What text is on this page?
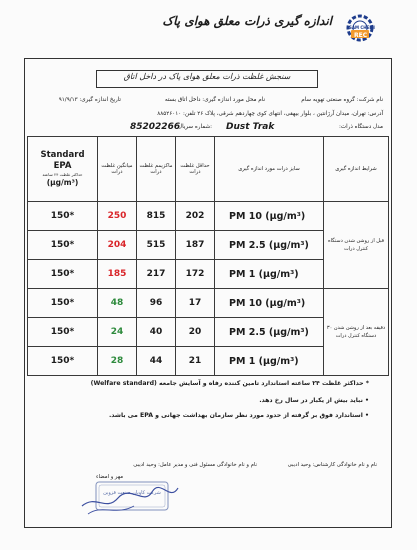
REC
SAM CHEMI
اندازه گیری ذرات معلق هوای پاک
سنجش غلظت ذرات معلق هوای پاک در داخل اتاق
نام شرکت: گروه صنعتی تهویه سام
نام محل مورد اندازه گیری: داخل اتاق بسته
تاریخ اندازه گیری: ۹۱/۹/۱۳
آدرس: تهران، میدان آرژانتین ، بلوار بیهقی، انتهای کوی چهاردهم شرقی، پلاک ۲۶ تلفن: ۸۸۵۲۶۰۱۰
مدل دستگاه ذرات:
Dust Trak
شماره سریال:
85202266
Standard
EPA
حداکثر غلظت ۲۴ ساعته
(μg/m³)	میانگین غلظت ذرات	ماکزیمم غلظت ذرات	حداقل غلظت ذرات	سایز ذرات مورد اندازه گیری	شرایط اندازه گیری
150*	250	815	202	PM 10 (μg/m³)	قبل از روشن شدن دستگاه کنترل ذرات
150*	204	515	187	PM 2.5 (μg/m³)	
150*	185	217	172	PM 1 (μg/m³)	
150*	48	96	17	PM 10 (μg/m³)	۳۰ دقیقه بعد از روشن شدن دستگاه کنترل ذرات
150*	24	40	20	PM 2.5 (μg/m³)	
150*	28	44	21	PM 1 (μg/m³)	
* حداکثر غلظت ۲۴ ساعته استاندارد تامین کننده رفاه و آسایش جامعه (Welfare standard)
• نباید بیش از یکبار در سال رخ دهد.
• استاندارد فوق بر گرفته از حدود مورد نظر سازمان بهداشت جهانی و EPA می باشد.
نام و نام خانوادگی کارشناس: وحید ادیبی
نام و نام خانوادگی مسئول فنی و مدیر عامل: وحید ادیبی
مهر و امضاء
شرکت کاوبان صنعت قزوین
